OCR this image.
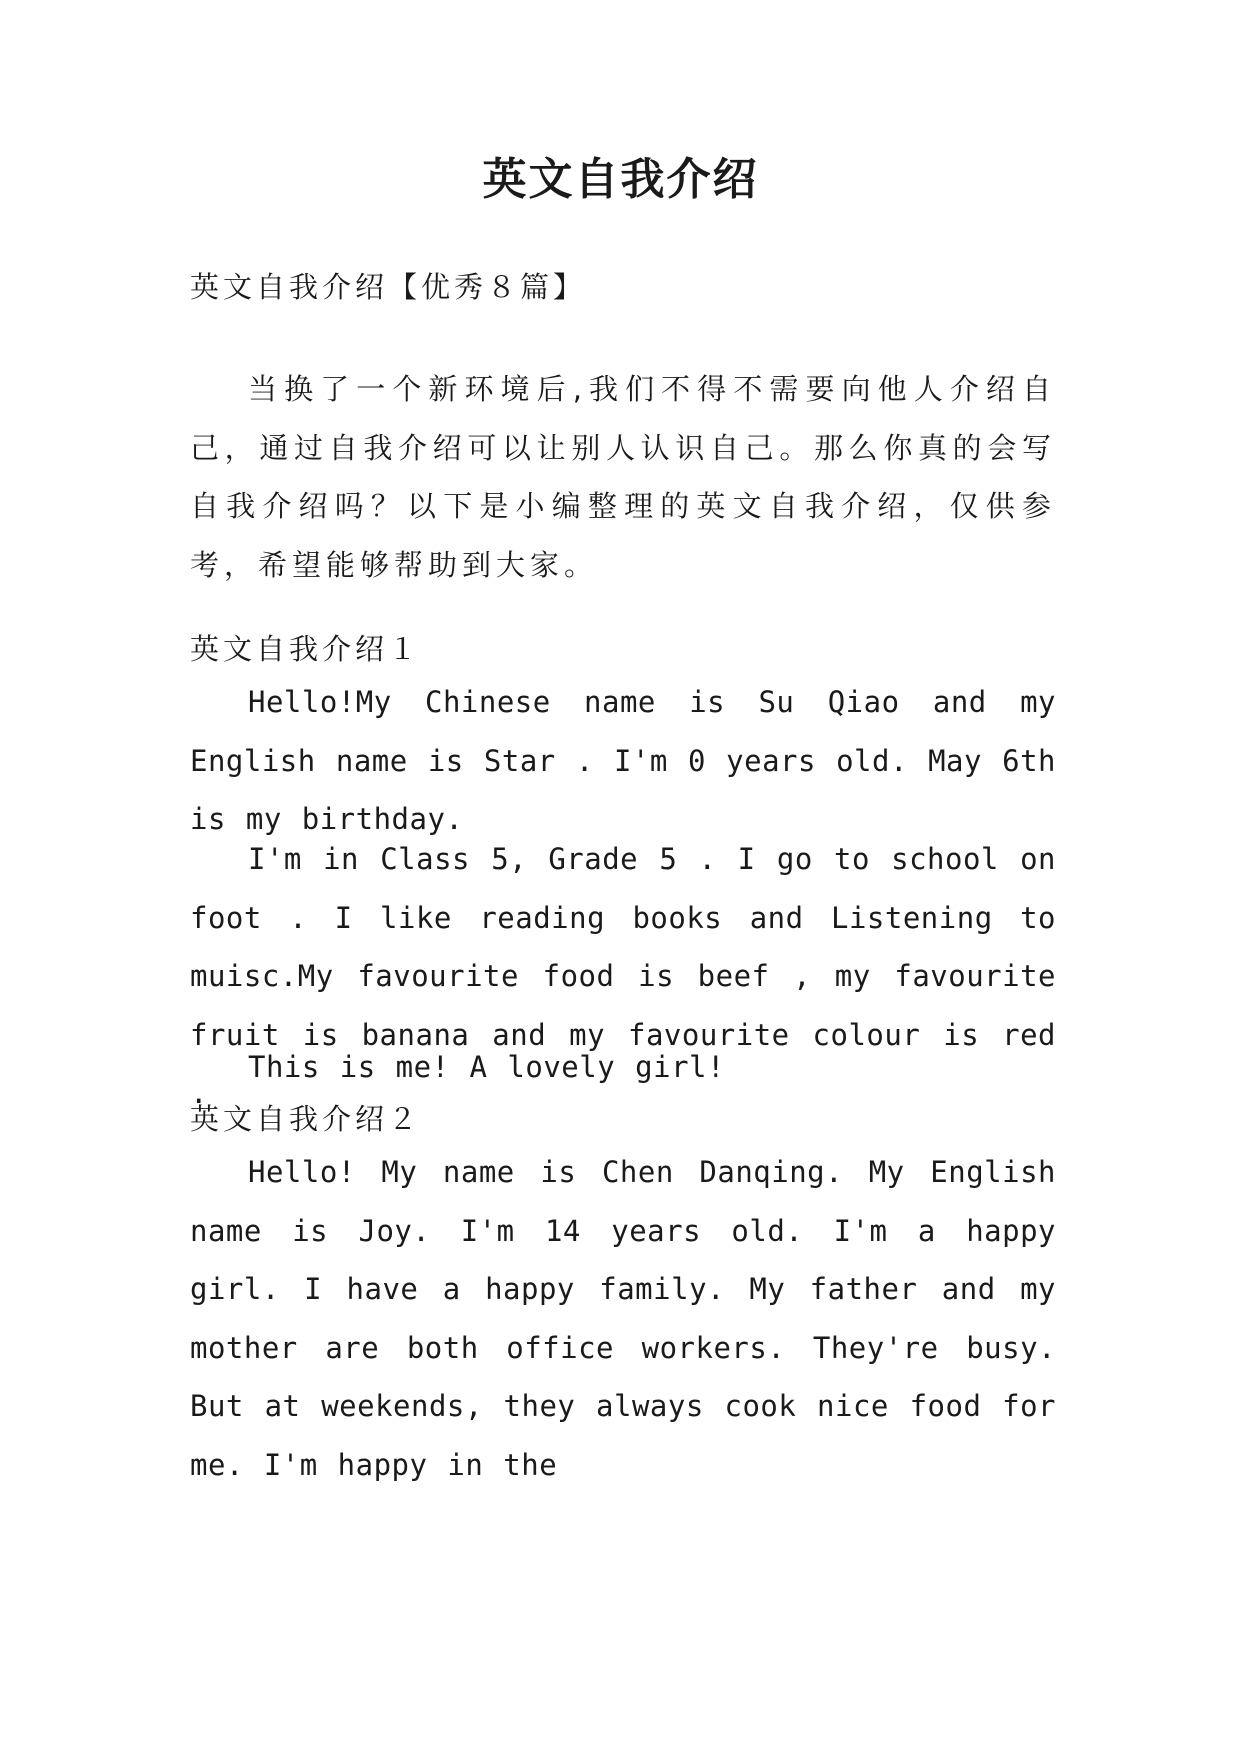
英文自我介绍
英文自我介绍【优秀８篇】

当换了一个新环境后,我们不得不需要向他人介绍自己，通过自我介绍可以让别人认识自己。那么你真的会写自我介绍吗？以下是小编整理的英文自我介绍，仅供参考，希望能够帮助到大家。

英文自我介绍１

Hello!My Chinese name is Su Qiao and my English name is Star . I'm 0 years old. May 6th is my birthday.

I'm in Class 5, Grade 5 . I go to school on foot . I like reading books and Listening to muisc.My favourite food is beef , my favourite fruit is banana and my favourite colour is red .

This is me! A lovely girl!

英文自我介绍２

Hello! My name is Chen Danqing. My English name is Joy. I'm 14 years old. I'm a happy girl. I have a happy family. My father and my mother are both office workers. They're busy. But at weekends, they always cook nice food for me. I'm happy in the
